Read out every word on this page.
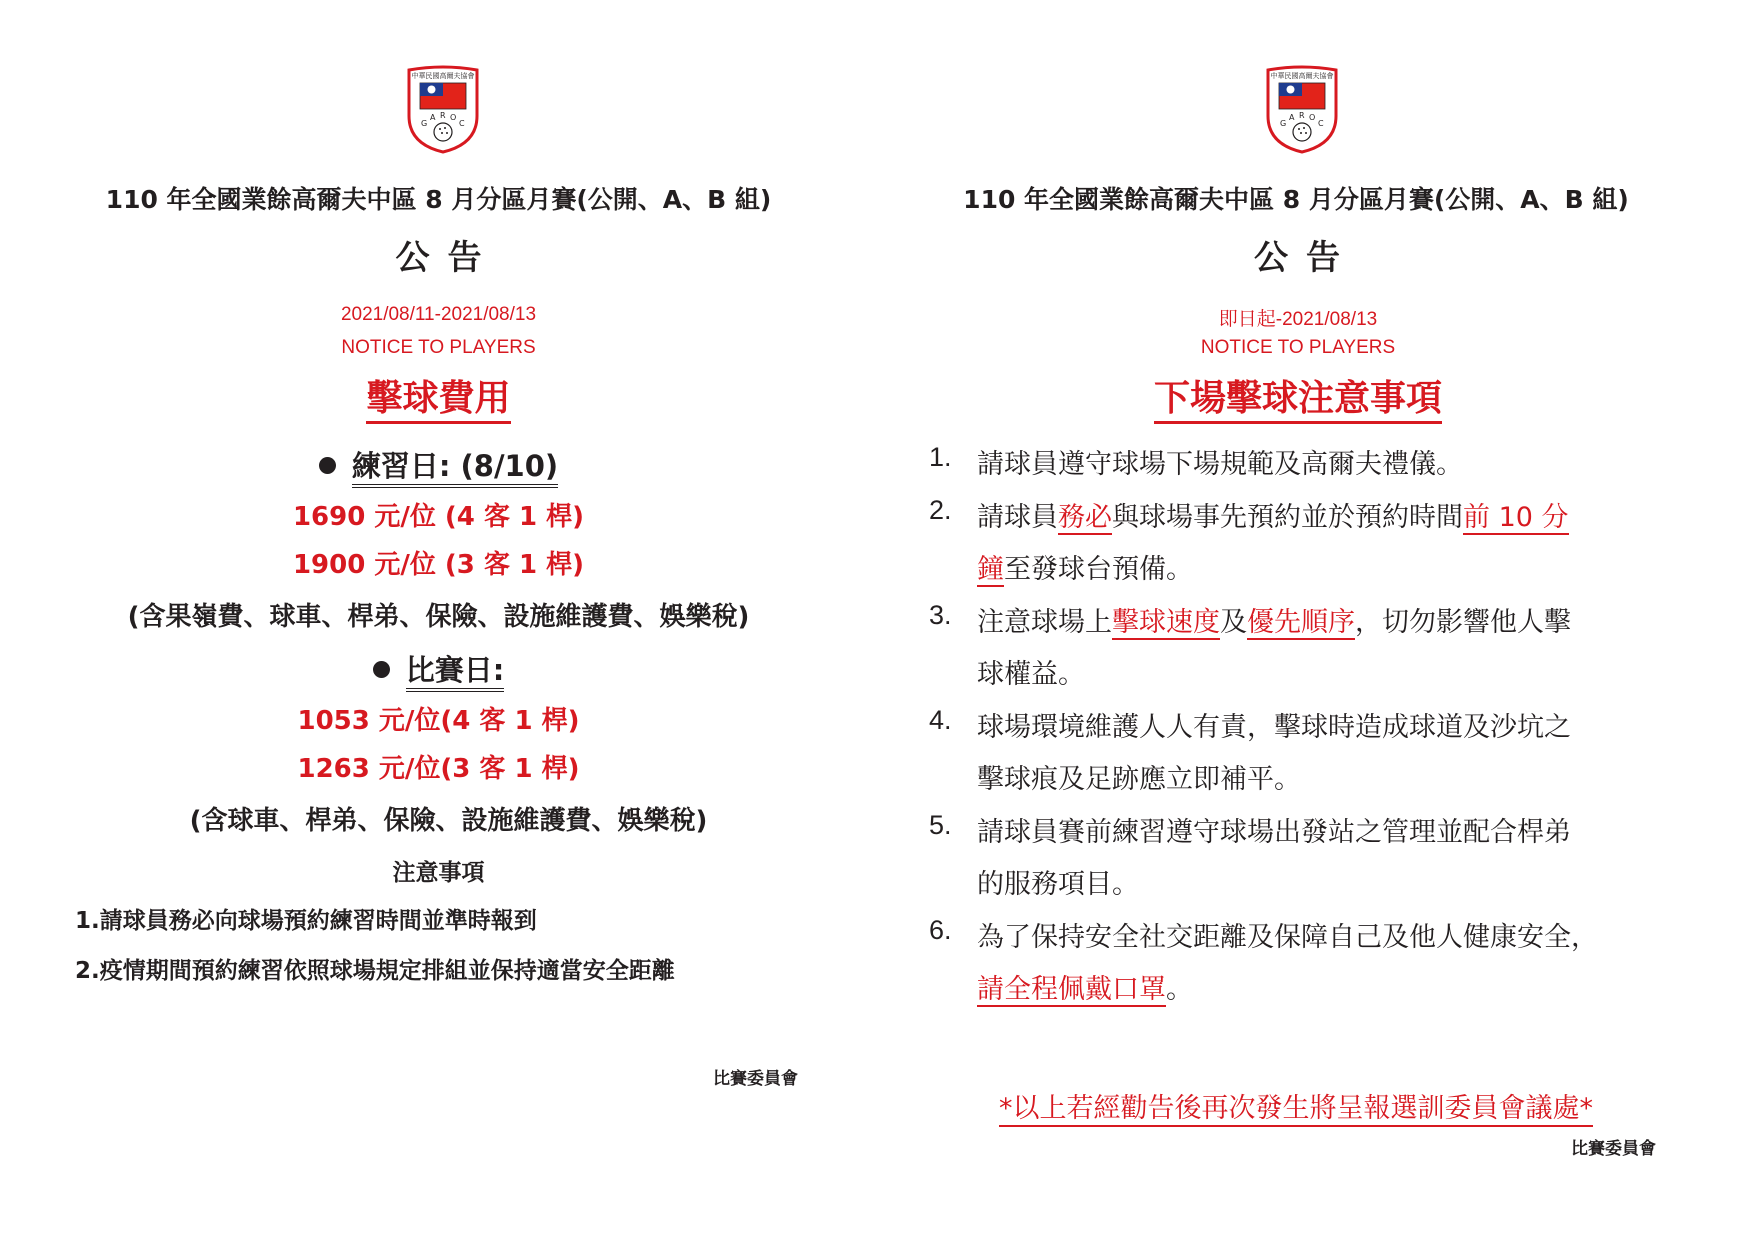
中華民國高爾夫協會
G
A R O
C
110 年全國業餘高爾夫中區 8 月分區月賽(公開、A、B 組)
公告
2021/08/11-2021/08/13
NOTICE TO PLAYERS
擊球費用
練習日: (8/10)
1690 元/位 (4 客 1 桿)
1900 元/位 (3 客 1 桿)
(含果嶺費、球車、桿弟、保險、設施維護費、娛樂稅)
比賽日:
1053 元/位(4 客 1 桿)
1263 元/位(3 客 1 桿)
(含球車、桿弟、保險、設施維護費、娛樂稅)
注意事項
1.請球員務必向球場預約練習時間並準時報到
2.疫情期間預約練習依照球場規定排組並保持適當安全距離
比賽委員會
中華民國高爾夫協會
G
A R O
C
110 年全國業餘高爾夫中區 8 月分區月賽(公開、A、B 組)
公告
即日起-2021/08/13
NOTICE TO PLAYERS
下場擊球注意事項
1. 請球員遵守球場下場規範及高爾夫禮儀。
2. 請球員務必與球場事先預約並於預約時間前 10 分
鐘至發球台預備。
3. 注意球場上擊球速度及優先順序，切勿影響他人擊
球權益。
4. 球場環境維護人人有責，擊球時造成球道及沙坑之
擊球痕及足跡應立即補平。
5. 請球員賽前練習遵守球場出發站之管理並配合桿弟
的服務項目。
6. 為了保持安全社交距離及保障自己及他人健康安全，
請全程佩戴口罩。
*以上若經勸告後再次發生將呈報選訓委員會議處*
比賽委員會
